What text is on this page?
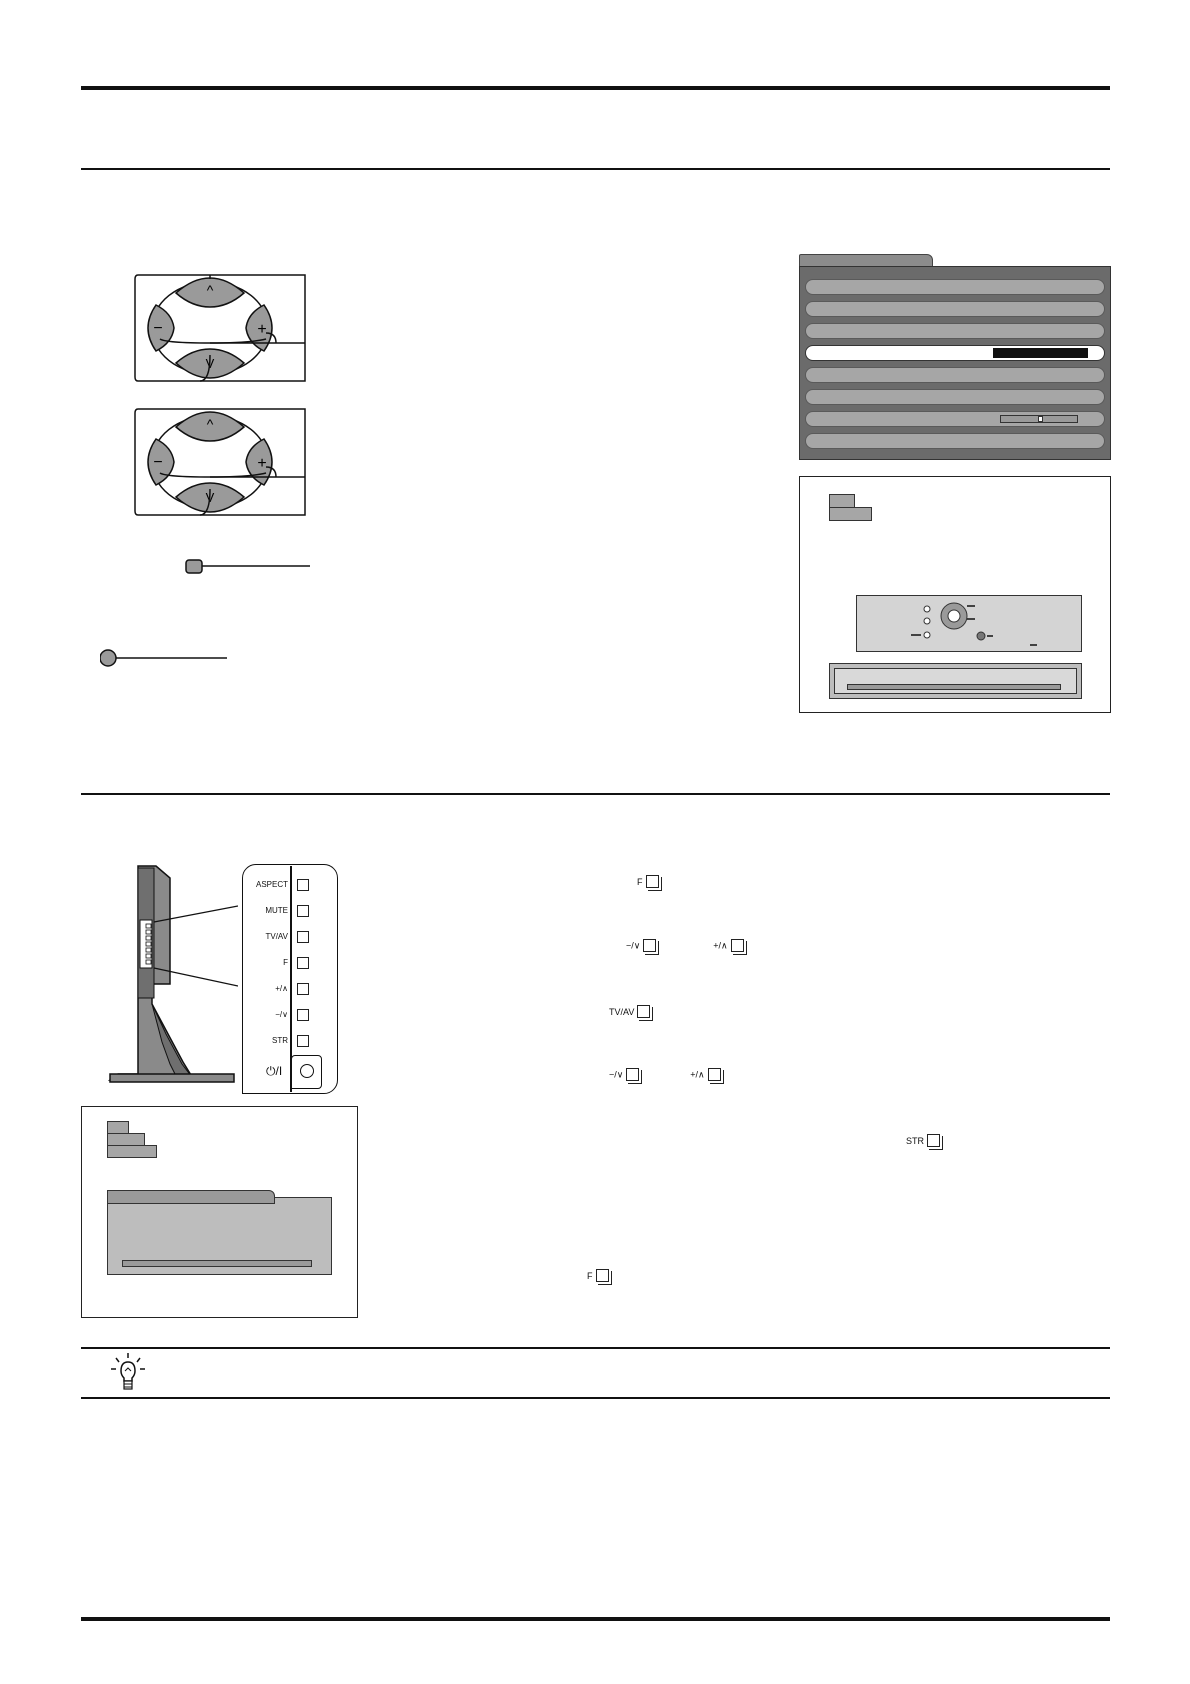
^
V
−	+
^
V
−	+
ASPECT
MUTE
TV/AV
F
+/∧
−/∨
STR
⏻/I
F
−/∨	+/∧
TV/AV
−/∨	+/∧
STR
F
